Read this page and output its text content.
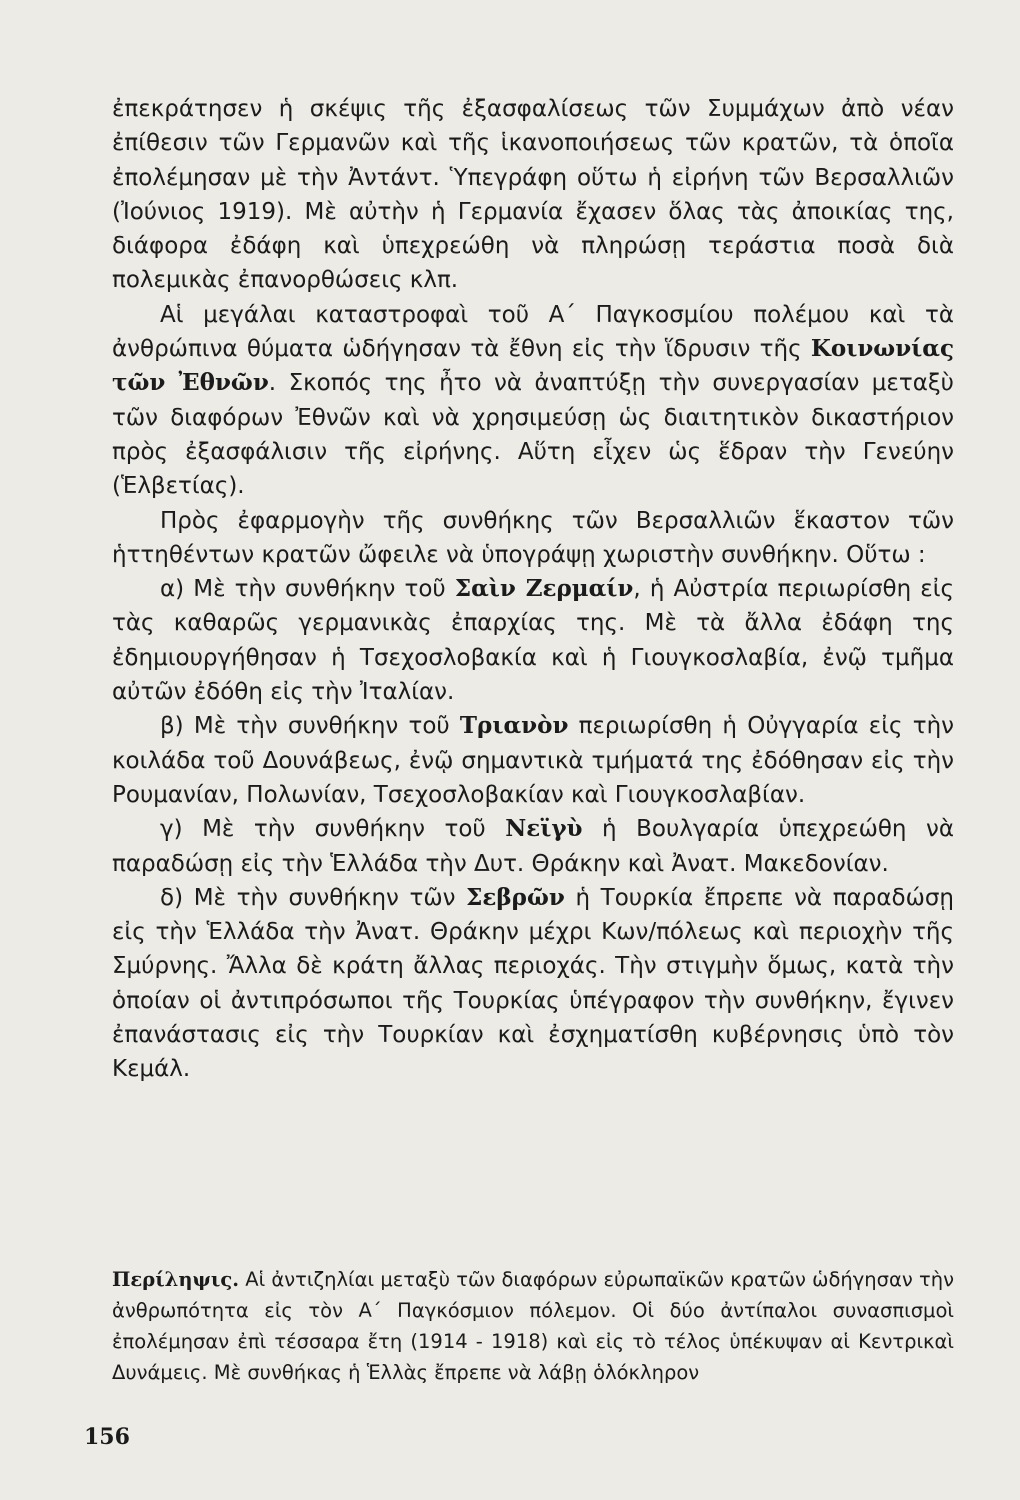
ἐπεκράτησεν ἡ σκέψις τῆς ἐξασφαλίσεως τῶν Συμμάχων ἀπὸ νέαν ἐπίθεσιν τῶν Γερμανῶν καὶ τῆς ἱκανοποιήσεως τῶν κρατῶν, τὰ ὁποῖα ἐπολέμησαν μὲ τὴν Ἀντάντ. Ὑπεγράφη οὕτω ἡ εἰρήνη τῶν Βερσαλλιῶν (Ἰούνιος 1919). Μὲ αὐτὴν ἡ Γερμανία ἔχασεν ὅλας τὰς ἀποικίας της, διάφορα ἐδάφη καὶ ὑπεχρεώθη νὰ πληρώσῃ τεράστια ποσὰ διὰ πολεμικὰς ἐπανορθώσεις κλπ.

Αἱ μεγάλαι καταστροφαὶ τοῦ Α΄ Παγκοσμίου πολέμου καὶ τὰ ἀνθρώπινα θύματα ὡδήγησαν τὰ ἔθνη εἰς τὴν ἵδρυσιν τῆς Κοινωνίας τῶν Ἐθνῶν. Σκοπός της ἦτο νὰ ἀναπτύξῃ τὴν συνεργασίαν μεταξὺ τῶν διαφόρων Ἐθνῶν καὶ νὰ χρησιμεύσῃ ὡς διαιτητικὸν δικαστήριον πρὸς ἐξασφάλισιν τῆς εἰρήνης. Αὕτη εἶχεν ὡς ἕδραν τὴν Γενεύην (Ἑλβετίας).

Πρὸς ἐφαρμογὴν τῆς συνθήκης τῶν Βερσαλλιῶν ἕκαστον τῶν ἡττηθέντων κρατῶν ὤφειλε νὰ ὑπογράψῃ χωριστὴν συνθήκην. Οὕτω :

α) Μὲ τὴν συνθήκην τοῦ Σαὶν Ζερμαίν, ἡ Αὐστρία περιωρίσθη εἰς τὰς καθαρῶς γερμανικὰς ἐπαρχίας της. Μὲ τὰ ἄλλα ἐδάφη της ἐδημιουργήθησαν ἡ Τσεχοσλοβακία καὶ ἡ Γιουγκοσλαβία, ἐνῷ τμῆμα αὐτῶν ἐδόθη εἰς τὴν Ἰταλίαν.

β) Μὲ τὴν συνθήκην τοῦ Τριανὸν περιωρίσθη ἡ Οὐγγαρία εἰς τὴν κοιλάδα τοῦ Δουνάβεως, ἐνῷ σημαντικὰ τμήματά της ἐδόθησαν εἰς τὴν Ρουμανίαν, Πολωνίαν, Τσεχοσλοβακίαν καὶ Γιουγκοσλαβίαν.

γ) Μὲ τὴν συνθήκην τοῦ Νεϊγὺ ἡ Βουλγαρία ὑπεχρεώθη νὰ παραδώσῃ εἰς τὴν Ἑλλάδα τὴν Δυτ. Θράκην καὶ Ἀνατ. Μακεδονίαν.

δ) Μὲ τὴν συνθήκην τῶν Σεβρῶν ἡ Τουρκία ἔπρεπε νὰ παραδώσῃ εἰς τὴν Ἑλλάδα τὴν Ἀνατ. Θράκην μέχρι Κων/πόλεως καὶ περιοχὴν τῆς Σμύρνης. Ἄλλα δὲ κράτη ἄλλας περιοχάς. Τὴν στιγμὴν ὅμως, κατὰ τὴν ὁποίαν οἱ ἀντιπρόσωποι τῆς Τουρκίας ὑπέγραφον τὴν συνθήκην, ἔγινεν ἐπανάστασις εἰς τὴν Τουρκίαν καὶ ἐσχηματίσθη κυβέρνησις ὑπὸ τὸν Κεμάλ.

Περίληψις. Αἱ ἀντιζηλίαι μεταξὺ τῶν διαφόρων εὐρωπαϊκῶν κρατῶν ὡδήγησαν τὴν ἀνθρωπότητα εἰς τὸν Α΄ Παγκόσμιον πόλεμον. Οἱ δύο ἀντίπαλοι συνασπισμοὶ ἐπολέμησαν ἐπὶ τέσσαρα ἔτη (1914 - 1918) καὶ εἰς τὸ τέλος ὑπέκυψαν αἱ Κεντρικαὶ Δυνάμεις. Μὲ συνθήκας ἡ Ἑλλὰς ἔπρεπε νὰ λάβῃ ὁλόκληρον

156
